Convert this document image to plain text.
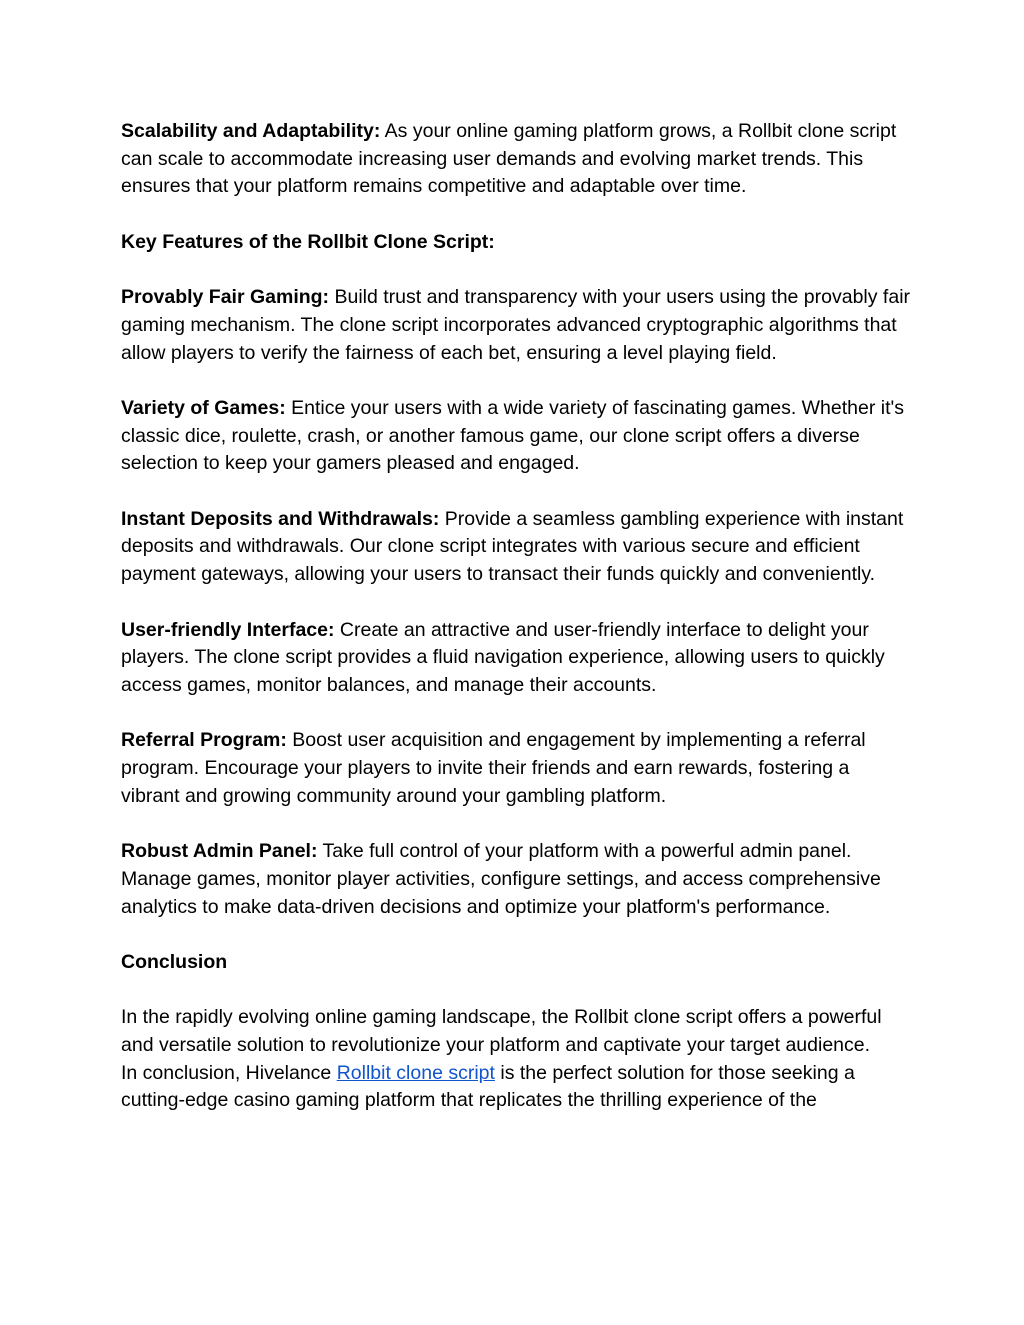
Scalability and Adaptability: As your online gaming platform grows, a Rollbit clone script can scale to accommodate increasing user demands and evolving market trends. This ensures that your platform remains competitive and adaptable over time.

Key Features of the Rollbit Clone Script:

Provably Fair Gaming: Build trust and transparency with your users using the provably fair gaming mechanism. The clone script incorporates advanced cryptographic algorithms that allow players to verify the fairness of each bet, ensuring a level playing field.

Variety of Games: Entice your users with a wide variety of fascinating games. Whether it's classic dice, roulette, crash, or another famous game, our clone script offers a diverse selection to keep your gamers pleased and engaged.

Instant Deposits and Withdrawals: Provide a seamless gambling experience with instant deposits and withdrawals. Our clone script integrates with various secure and efficient payment gateways, allowing your users to transact their funds quickly and conveniently.

User-friendly Interface: Create an attractive and user-friendly interface to delight your players. The clone script provides a fluid navigation experience, allowing users to quickly access games, monitor balances, and manage their accounts.

Referral Program: Boost user acquisition and engagement by implementing a referral program. Encourage your players to invite their friends and earn rewards, fostering a vibrant and growing community around your gambling platform.

Robust Admin Panel: Take full control of your platform with a powerful admin panel. Manage games, monitor player activities, configure settings, and access comprehensive analytics to make data-driven decisions and optimize your platform's performance.

Conclusion

In the rapidly evolving online gaming landscape, the Rollbit clone script offers a powerful and versatile solution to revolutionize your platform and captivate your target audience.

In conclusion, Hivelance Rollbit clone script is the perfect solution for those seeking a cutting-edge casino gaming platform that replicates the thrilling experience of the
